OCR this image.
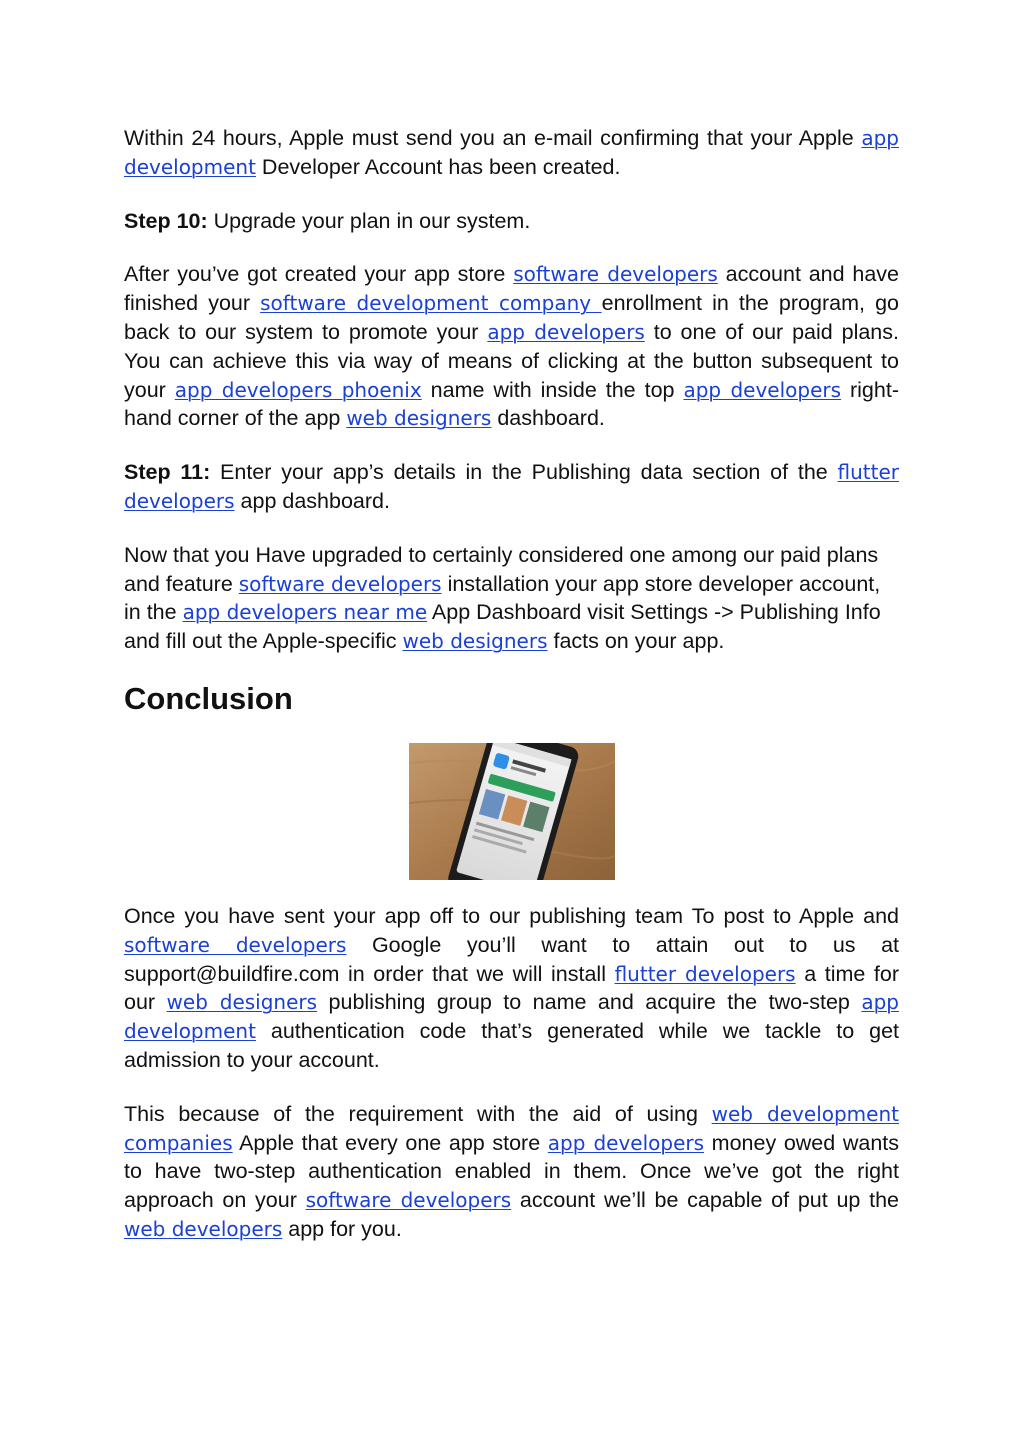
Within 24 hours, Apple must send you an e-mail confirming that your Apple app development Developer Account has been created.

Step 10: Upgrade your plan in our system.

After you’ve got created your app store software developers account and have finished your software development company enrollment in the program, go back to our system to promote your app developers to one of our paid plans. You can achieve this via way of means of clicking at the button subsequent to your app developers phoenix name with inside the top app developers right-hand corner of the app web designers dashboard.

Step 11: Enter your app’s details in the Publishing data section of the flutter developers app dashboard.

Now that you Have upgraded to certainly considered one among our paid plans and feature software developers installation your app store developer account, in the app developers near me App Dashboard visit Settings -> Publishing Info and fill out the Apple-specific web designers facts on your app.

Conclusion

Once you have sent your app off to our publishing team To post to Apple and software developers Google you’ll want to attain out to us at support@buildfire.com in order that we will install flutter developers a time for our web designers publishing group to name and acquire the two-step app development authentication code that’s generated while we tackle to get admission to your account.

This because of the requirement with the aid of using web development companies Apple that every one app store app developers money owed wants to have two-step authentication enabled in them. Once we’ve got the right approach on your software developers account we’ll be capable of put up the web developers app for you.
